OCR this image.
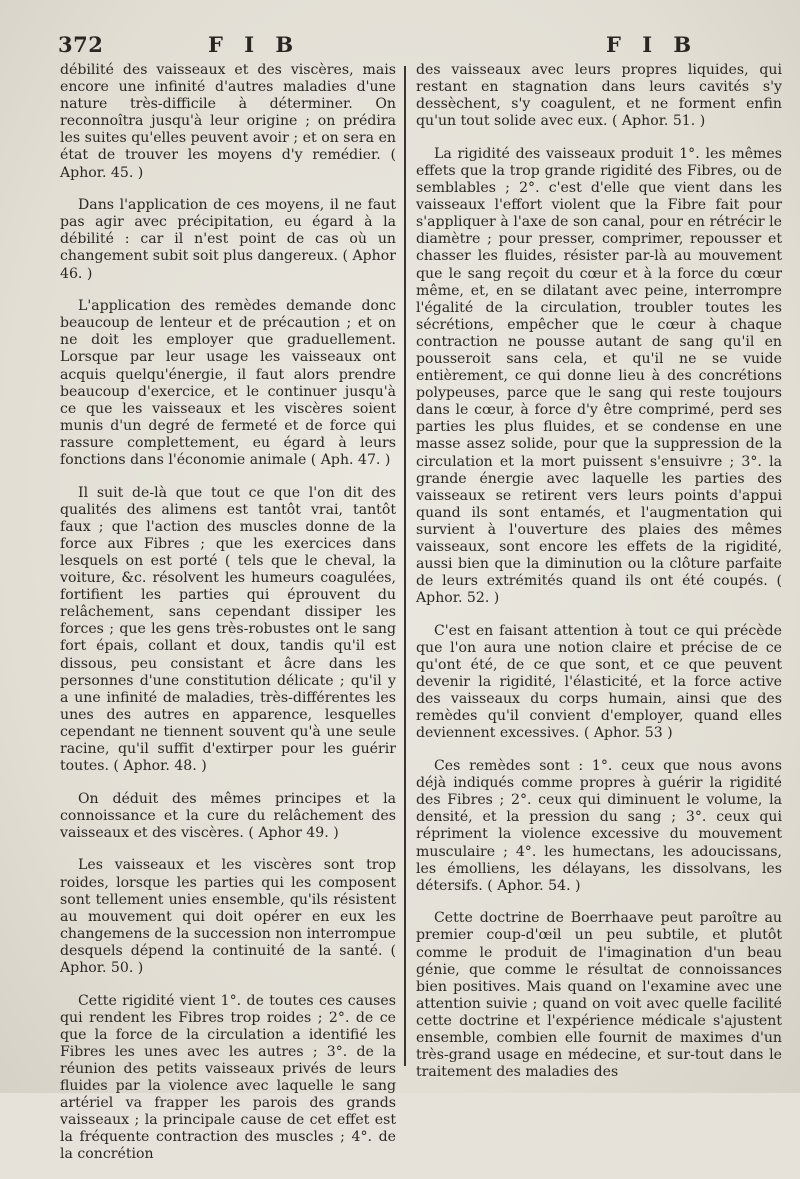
372	F I B	F I B

débilité des vaisseaux et des viscères, mais encore une infinité d'autres maladies d'une nature très-difficile à déterminer. On reconnoîtra jusqu'à leur origine ; on prédira les suites qu'elles peuvent avoir ; et on sera en état de trouver les moyens d'y remédier. ( Aphor. 45. )

Dans l'application de ces moyens, il ne faut pas agir avec précipitation, eu égard à la débilité : car il n'est point de cas où un changement subit soit plus dangereux. ( Aphor 46. )

L'application des remèdes demande donc beaucoup de lenteur et de précaution ; et on ne doit les employer que graduellement. Lorsque par leur usage les vaisseaux ont acquis quelqu'énergie, il faut alors prendre beaucoup d'exercice, et le continuer jusqu'à ce que les vaisseaux et les viscères soient munis d'un degré de fermeté et de force qui rassure complettement, eu égard à leurs fonctions dans l'économie animale ( Aph. 47. )

Il suit de-là que tout ce que l'on dit des qualités des alimens est tantôt vrai, tantôt faux ; que l'action des muscles donne de la force aux Fibres ; que les exercices dans lesquels on est porté ( tels que le cheval, la voiture, &c. résolvent les humeurs coagulées, fortifient les parties qui éprouvent du relâchement, sans cependant dissiper les forces ; que les gens très-robustes ont le sang fort épais, collant et doux, tandis qu'il est dissous, peu consistant et âcre dans les personnes d'une constitution délicate ; qu'il y a une infinité de maladies, très-différentes les unes des autres en apparence, lesquelles cependant ne tiennent souvent qu'à une seule racine, qu'il suffit d'extirper pour les guérir toutes. ( Aphor. 48. )

On déduit des mêmes principes et la connoissance et la cure du relâchement des vaisseaux et des viscères. ( Aphor 49. )

Les vaisseaux et les viscères sont trop roides, lorsque les parties qui les composent sont tellement unies ensemble, qu'ils résistent au mouvement qui doit opérer en eux les changemens de la succession non interrompue desquels dépend la continuité de la santé. ( Aphor. 50. )

Cette rigidité vient 1°. de toutes ces causes qui rendent les Fibres trop roides ; 2°. de ce que la force de la circulation a identifié les Fibres les unes avec les autres ; 3°. de la réunion des petits vaisseaux privés de leurs fluides par la violence avec laquelle le sang artériel va frapper les parois des grands vaisseaux ; la principale cause de cet effet est la fréquente contraction des muscles ; 4°. de la concrétion

des vaisseaux avec leurs propres liquides, qui restant en stagnation dans leurs cavités s'y dessèchent, s'y coagulent, et ne forment enfin qu'un tout solide avec eux. ( Aphor. 51. )

La rigidité des vaisseaux produit 1°. les mêmes effets que la trop grande rigidité des Fibres, ou de semblables ; 2°. c'est d'elle que vient dans les vaisseaux l'effort violent que la Fibre fait pour s'appliquer à l'axe de son canal, pour en rétrécir le diamètre ; pour presser, comprimer, repousser et chasser les fluides, résister par-là au mouvement que le sang reçoit du cœur et à la force du cœur même, et, en se dilatant avec peine, interrompre l'égalité de la circulation, troubler toutes les sécrétions, empêcher que le cœur à chaque contraction ne pousse autant de sang qu'il en pousseroit sans cela, et qu'il ne se vuide entièrement, ce qui donne lieu à des concrétions polypeuses, parce que le sang qui reste toujours dans le cœur, à force d'y être comprimé, perd ses parties les plus fluides, et se condense en une masse assez solide, pour que la suppression de la circulation et la mort puissent s'ensuivre ; 3°. la grande énergie avec laquelle les parties des vaisseaux se retirent vers leurs points d'appui quand ils sont entamés, et l'augmentation qui survient à l'ouverture des plaies des mêmes vaisseaux, sont encore les effets de la rigidité, aussi bien que la diminution ou la clôture parfaite de leurs extrémités quand ils ont été coupés. ( Aphor. 52. )

C'est en faisant attention à tout ce qui précède que l'on aura une notion claire et précise de ce qu'ont été, de ce que sont, et ce que peuvent devenir la rigidité, l'élasticité, et la force active des vaisseaux du corps humain, ainsi que des remèdes qu'il convient d'employer, quand elles deviennent excessives. ( Aphor. 53 )

Ces remèdes sont : 1°. ceux que nous avons déjà indiqués comme propres à guérir la rigidité des Fibres ; 2°. ceux qui diminuent le volume, la densité, et la pression du sang ; 3°. ceux qui répriment la violence excessive du mouvement musculaire ; 4°. les humectans, les adoucissans, les émolliens, les délayans, les dissolvans, les détersifs. ( Aphor. 54. )

Cette doctrine de Boerrhaave peut paroître au premier coup-d'œil un peu subtile, et plutôt comme le produit de l'imagination d'un beau génie, que comme le résultat de connoissances bien positives. Mais quand on l'examine avec une attention suivie ; quand on voit avec quelle facilité cette doctrine et l'expérience médicale s'ajustent ensemble, combien elle fournit de maximes d'un très-grand usage en médecine, et sur-tout dans le traitement des maladies des
